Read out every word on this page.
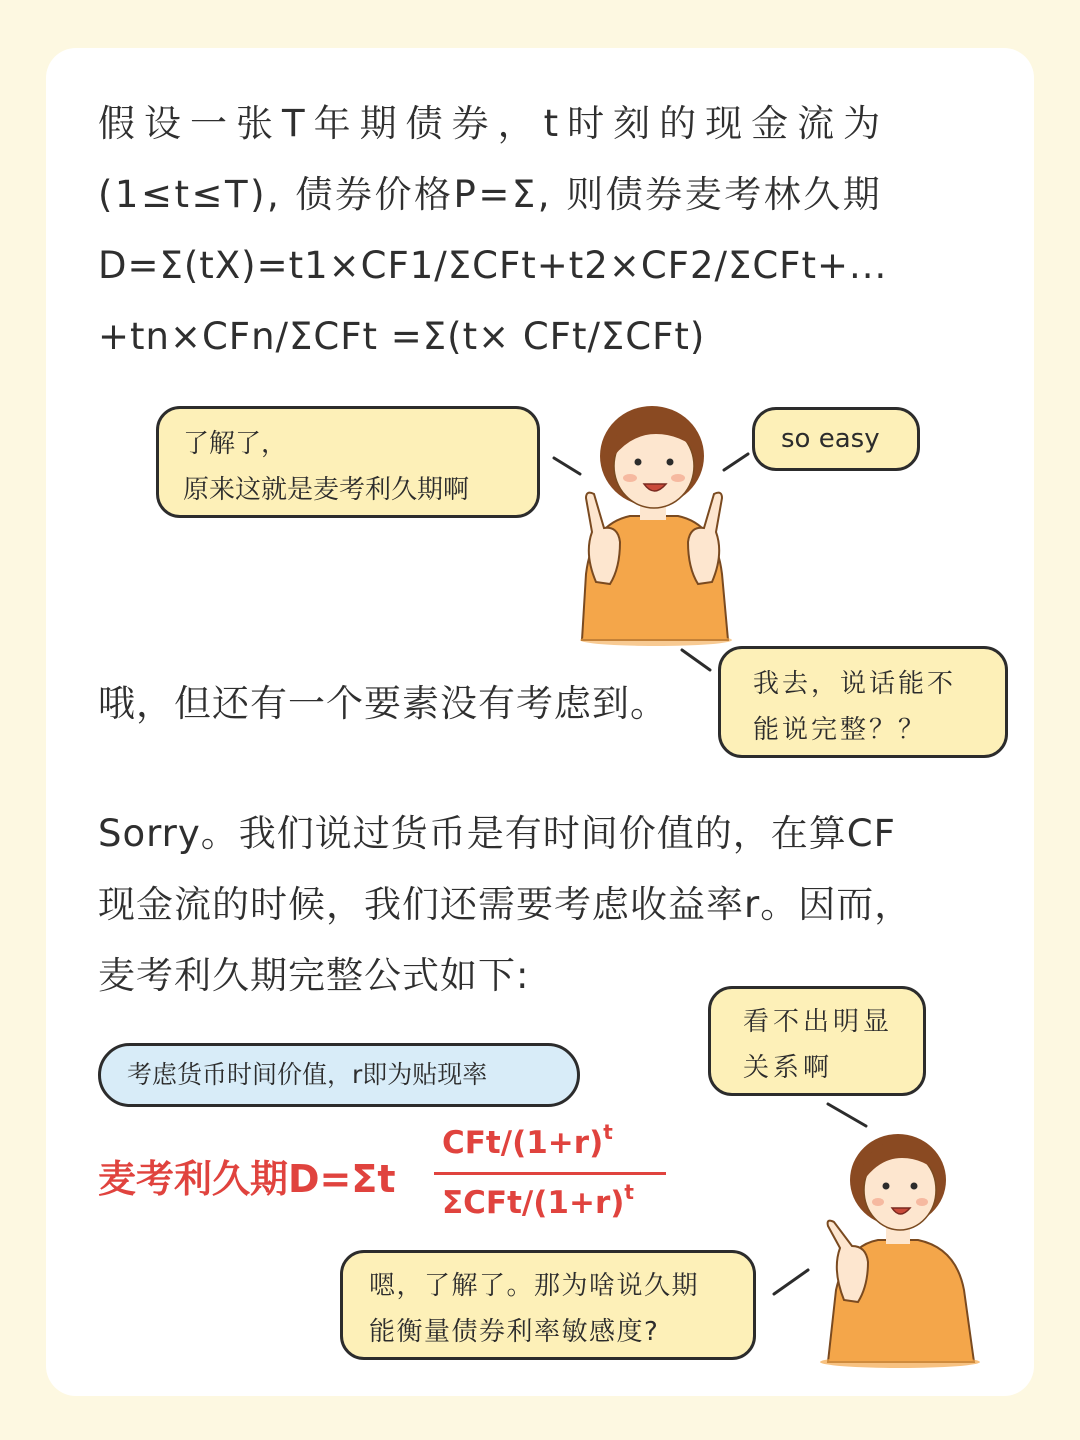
假设一张T年期债券，t时刻的现金流为
(1≤t≤T), 债券价格P=Σ, 则债券麦考林久期
D=Σ(tX)=t1×CF1/ΣCFt+t2×CF2/ΣCFt+...
+tn×CFn/ΣCFt =Σ(t× CFt/ΣCFt)
了解了，
原来这就是麦考利久期啊
so easy
哦，但还有一个要素没有考虑到。	我去，说话能不
能说完整？？
Sorry。我们说过货币是有时间价值的，在算CF
现金流的时候，我们还需要考虑收益率r。因而，
麦考利久期完整公式如下:
考虑货币时间价值，r即为贴现率
看不出明显
关系啊
麦考利久期D=Σt
CFt/$(1+r)^t$
ΣCFt/$(1+r)^t$
嗯，了解了。那为啥说久期
能衡量债券利率敏感度?
